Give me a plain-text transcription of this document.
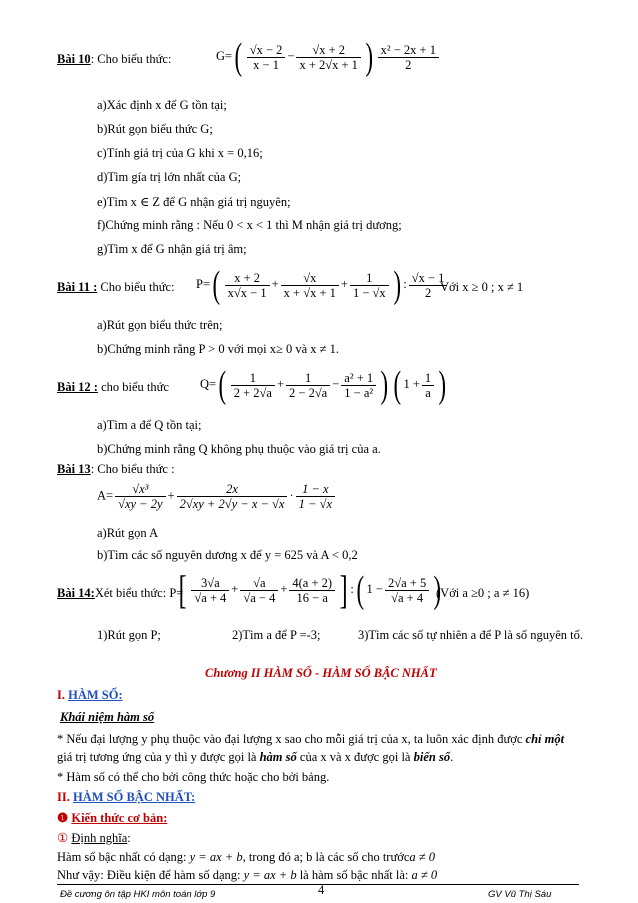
Bài 10: Cho biểu thức:	$G=( \frac{√x - 2}{x - 1} - \frac{√x + 2}{x + 2√x + 1}$ ) $\frac{\text{x² − 2x + 1}}{2}$
a)Xác định x để G tồn tại;
b)Rút gọn biểu thức G;
c)Tính giá trị của G khi x = 0,16;
d)Tìm gía trị lớn nhất của G;
e)Tìm x ∈ Z để G nhận giá trị nguyên;
f)Chứng minh rằng : Nếu 0 < x < 1 thì M nhận giá trị dương;
g)Tìm x để G nhận giá trị âm;
Bài 11 : Cho biểu thức: $P=( \frac{x + 2}{x√x - 1} + \frac{√x}{x + √x + 1} + \frac{1}{1 - √x}$ ) : $\frac{√x - 1}{2}$
Với x ≥ 0 ; x ≠ 1
a)Rút gọn biểu thức trên;
b)Chứng minh rằng P > 0 với mọi x≥ 0 và x ≠ 1.
Bài 12 : cho biểu thức $Q=( \frac{1}{2 + 2√a} + \frac{1}{2 - 2√a} - \frac{\text{a² + 1}}{\text{1 − a²}}$ ) ( $1 + \frac{1}{a}$ )
a)Tìm a để Q tồn tại;
b)Chứng minh rằng Q không phụ thuộc vào giá trị của a.
Bài 13: Cho biểu thức :
$A= \frac{\text{√x³}}{√xy - 2y} + \frac{2x}{2√xy + 2√y - x - √x} \cdot \frac{1 - x}{1 - √x}$
a)Rút gọn A
b)Tìm các số nguyên dương x để y = 625 và A < 0,2
Bài 14:Xét biểu thức: P=
[ $\frac{3√a}{√a + 4} + \frac{√a}{√a - 4} + \frac{4(a + 2)}{16 - a}$ ] :( $1 - \frac{2√a + 5}{√a + 4}$ )
(Với a ≥0 ; a ≠ 16)
1)Rút gọn P;	2)Tìm a để P =-3;	3)Tìm các số tự nhiên a để P là số nguyên tố.
Chương II HÀM SỐ - HÀM SỐ BẬC NHẤT
I. HÀM SỐ:
Khái niệm hàm số
* Nếu đại lượng y phụ thuộc vào đại lượng x sao cho mỗi giá trị của x, ta luôn xác định được chỉ một
giá trị tương ứng của y thì y được gọi là hàm số của x và x được gọi là biến số.
* Hàm số có thể cho bởi công thức hoặc cho bởi bảng.
II. HÀM SỐ BẬC NHẤT:
❶ Kiến thức cơ bản:
① Định nghĩa:
Hàm số bậc nhất có dạng: y = ax + b, trong đó a; b là các số cho trướca ≠ 0
Như vậy: Điều kiện để hàm số dạng: y = ax + b là hàm số bậc nhất là: a ≠ 0
4
Đề cương ôn tập HKI môn toán lớp 9	GV Vũ Thị Sáu
